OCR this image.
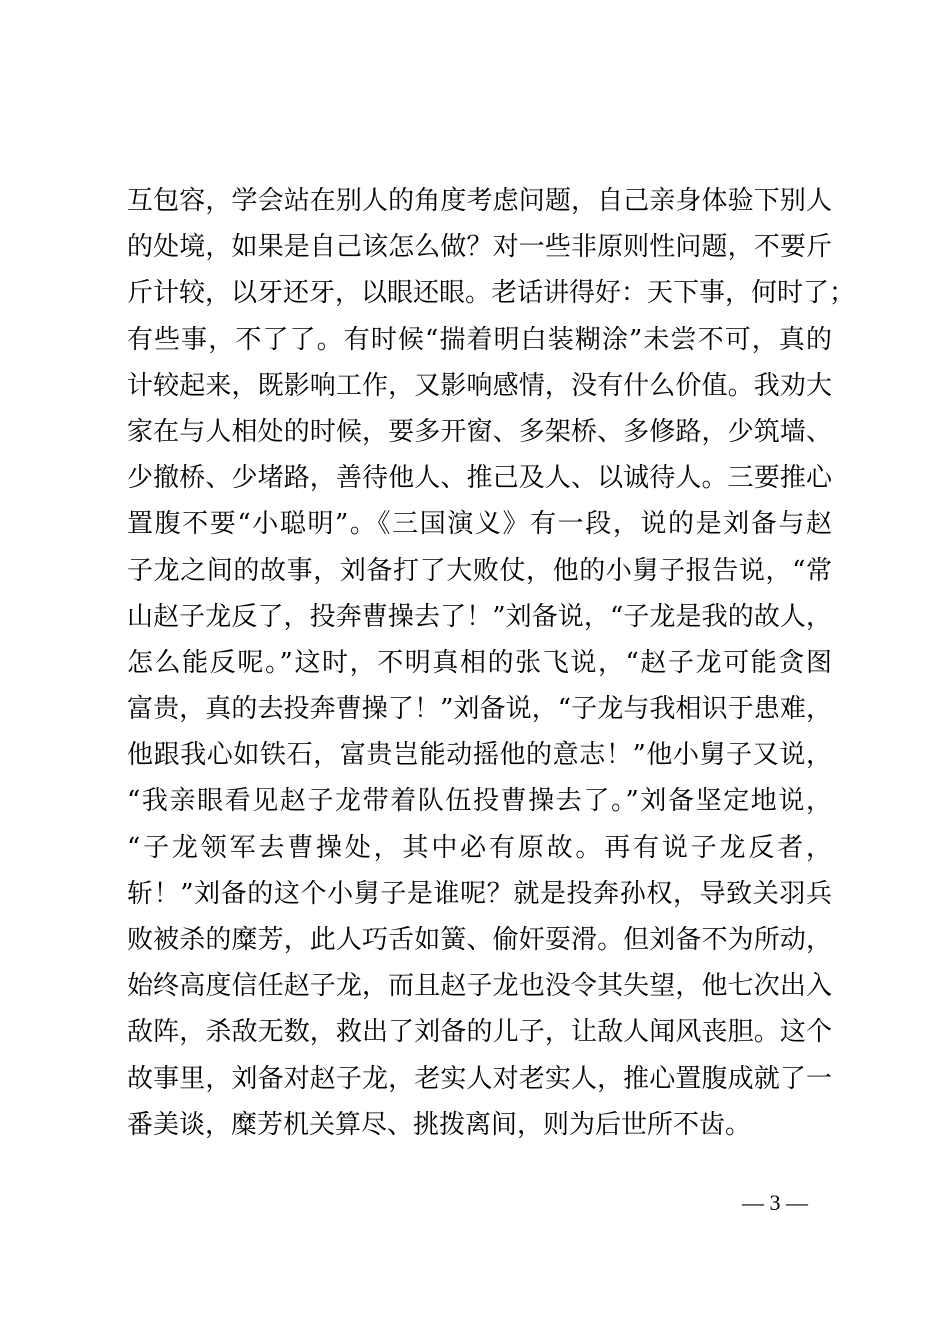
互包容，学会站在别人的角度考虑问题，自己亲身体验下别人
的处境，如果是自己该怎么做？对一些非原则性问题，不要斤
斤计较，以牙还牙，以眼还眼。老话讲得好：天下事，何时了；
有些事，不了了。有时候“揣着明白装糊涂”未尝不可，真的
计较起来，既影响工作，又影响感情，没有什么价值。我劝大
家在与人相处的时候，要多开窗、多架桥、多修路，少筑墙、
少撤桥、少堵路，善待他人、推己及人、以诚待人。三要推心
置腹不要“小聪明”。《三国演义》有一段，说的是刘备与赵
子龙之间的故事，刘备打了大败仗，他的小舅子报告说，“常
山赵子龙反了，投奔曹操去了！”刘备说，“子龙是我的故人，
怎么能反呢。”这时，不明真相的张飞说，“赵子龙可能贪图
富贵，真的去投奔曹操了！”刘备说，“子龙与我相识于患难，
他跟我心如铁石，富贵岂能动摇他的意志！”他小舅子又说，
“我亲眼看见赵子龙带着队伍投曹操去了。”刘备坚定地说，
“子龙领军去曹操处，其中必有原故。再有说子龙反者，
斩！”刘备的这个小舅子是谁呢？就是投奔孙权，导致关羽兵
败被杀的糜芳，此人巧舌如簧、偷奸耍滑。但刘备不为所动，
始终高度信任赵子龙，而且赵子龙也没令其失望，他七次出入
敌阵，杀敌无数，救出了刘备的儿子，让敌人闻风丧胆。这个
故事里，刘备对赵子龙，老实人对老实人，推心置腹成就了一
番美谈，糜芳机关算尽、挑拨离间，则为后世所不齿。
— 3 —
